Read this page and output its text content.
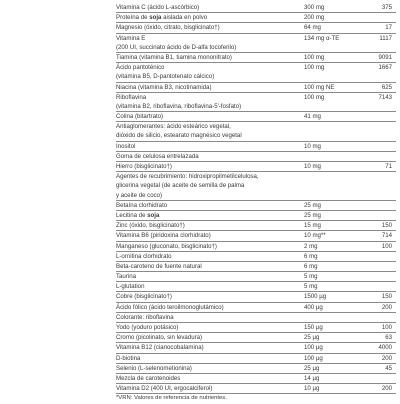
Vitamina C (ácido L-ascórbico)	300 mg	375
Proteína de soja aislada en polvo	200 mg
Magnesio (óxido, citrato, bisglicinato†)	64 mg	17
Vitamina E	134 mg α-TE	1117
(200 UI, succinato ácido de D-alfa tocoferilo)
Tiamina (vitamina B1, tiamina mononitrato)	100 mg	9091
Ácido pantoténico	100 mg	1667
(vitamina B5, D-pantotenato cálcico)
Niacina (vitamina B3, nicotinamida)	100 mg NE	625
Riboflavina	100 mg	7143
(vitamina B2, riboflavina, riboflavina-5'-fosfato)
Colina (bitartrato)	41 mg
Antiaglomerantes: ácido esteárico vegetal,
dióxido de silicio, estearato magnésico vegetal
Inositol	10 mg
Goma de celulosa entrelazada
Hierro (bisglicinato†)	10 mg	71
Agentes de recubrimiento: hidroxipropilmetilcelulosa,
glicerina vegetal (de aceite de semilla de palma
y aceite de coco)
Betaína clorhidrato	25 mg
Lecitina de soja	25 mg
Zinc (óxido, bisglicinato†)	15 mg	150
Vitamina B6 (piridoxina clorhidrato)	10 mg**	714
Manganeso (gluconato, bisglicinato†)	2 mg	100
L-ornitina clorhidrato	6 mg
Beta-caroteno de fuente natural	6 mg
Taurina	5 mg
L-glutation	5 mg
Cobre (bisglicinato†)	1500 µg	150
Ácido fólico (ácido teroilmonoglutámico)	400 µg	200
Colorante: riboflavina
Yodo (yoduro potásico)	150 µg	100
Cromo (picolinato, sin levadura)	25 µg	63
Vitamina B12 (cianocobalamina)	100 µg	4000
D-biotina	100 µg	200
Selenio (L-selenometionina)	25 µg	45
Mezcla de carotenoides	14 µg
Vitamina D2 (400 UI, ergocalciferol)	10 µg	200
*VRN: Valores de referencia de nutrientes.
